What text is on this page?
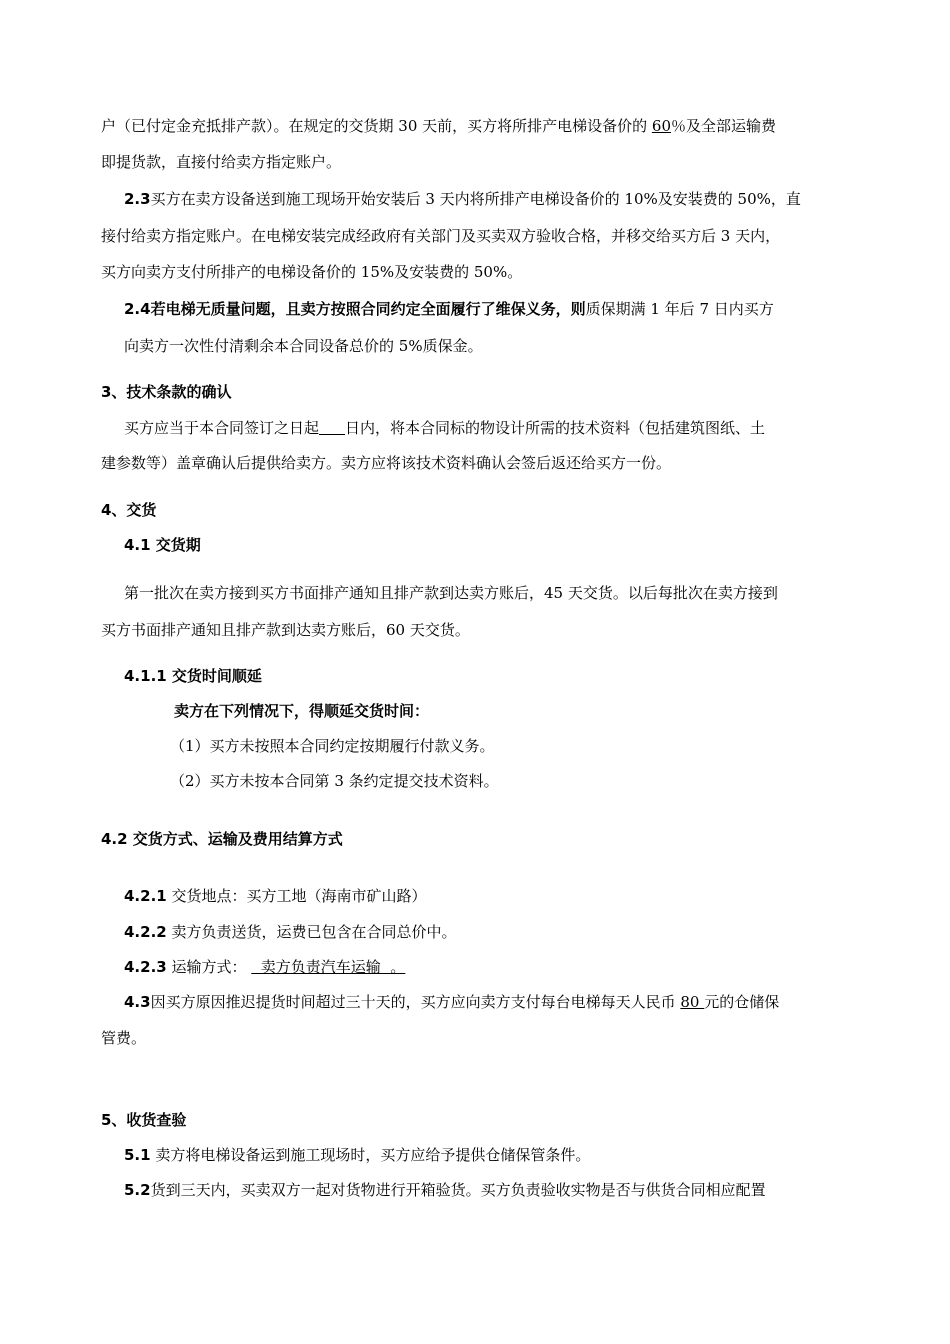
户（已付定金充抵排产款）。在规定的交货期 30 天前，买方将所排产电梯设备价的 60％及全部运输费
即提货款，直接付给卖方指定账户。
2.3买方在卖方设备送到施工现场开始安装后 3 天内将所排产电梯设备价的 10%及安装费的 50%，直
接付给卖方指定账户。在电梯安装完成经政府有关部门及买卖双方验收合格，并移交给买方后 3 天内，
买方向卖方支付所排产的电梯设备价的 15%及安装费的 50%。
2.4若电梯无质量问题，且卖方按照合同约定全面履行了维保义务，则质保期满 1 年后 7 日内买方
向卖方一次性付清剩余本合同设备总价的 5%质保金。
3、技术条款的确认
买方应当于本合同签订之日起 日内，将本合同标的物设计所需的技术资料（包括建筑图纸、土
建参数等）盖章确认后提供给卖方。卖方应将该技术资料确认会签后返还给买方一份。
4、交货
4.1 交货期
第一批次在卖方接到买方书面排产通知且排产款到达卖方账后，45 天交货。以后每批次在卖方接到
买方书面排产通知且排产款到达卖方账后，60 天交货。
4.1.1 交货时间顺延
卖方在下列情况下，得顺延交货时间：
（1）买方未按照本合同约定按期履行付款义务。
（2）买方未按本合同第 3 条约定提交技术资料。
4.2 交货方式、运输及费用结算方式
4.2.1 交货地点：买方工地（海南市矿山路）
4.2.2 卖方负责送货，运费已包含在合同总价中。
4.2.3 运输方式：   卖方负责汽车运输  。
4.3因买方原因推迟提货时间超过三十天的，买方应向卖方支付每台电梯每天人民币 80 元的仓储保
管费。
5、收货查验
5.1 卖方将电梯设备运到施工现场时，买方应给予提供仓储保管条件。
5.2货到三天内，买卖双方一起对货物进行开箱验货。买方负责验收实物是否与供货合同相应配置
